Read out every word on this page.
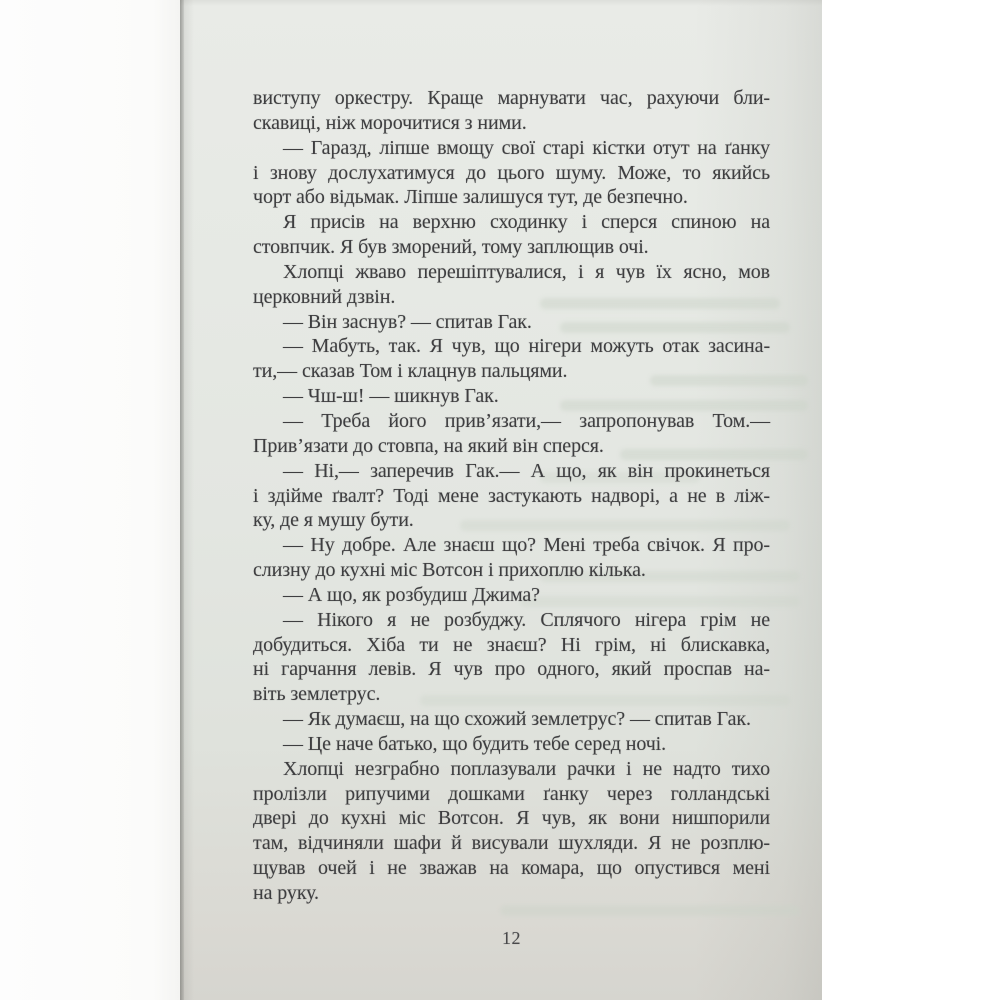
виступу оркестру. Краще марнувати час, рахуючи бли-
скавиці, ніж морочитися з ними.
— Гаразд, ліпше вмощу свої старі кістки отут на ґанку
і знову дослухатимуся до цього шуму. Може, то якийсь
чорт або відьмак. Ліпше залишуся тут, де безпечно.
Я присів на верхню сходинку і сперся спиною на
стовпчик. Я був зморений, тому заплющив очі.
Хлопці жваво перешіптувалися, і я чув їх ясно, мов
церковний дзвін.
— Він заснув? — спитав Гак.
— Мабуть, так. Я чув, що нігери можуть отак засина-
ти,— сказав Том і клацнув пальцями.
— Чш-ш! — шикнув Гак.
— Треба його прив’язати,— запропонував Том.—
Прив’язати до стовпа, на який він сперся.
— Ні,— заперечив Гак.— А що, як він прокинеться
і здійме ґвалт? Тоді мене застукають надворі, а не в ліж-
ку, де я мушу бути.
— Ну добре. Але знаєш що? Мені треба свічок. Я про-
слизну до кухні міс Вотсон і прихоплю кілька.
— А що, як розбудиш Джима?
— Нікого я не розбуджу. Сплячого нігера грім не
добудиться. Хіба ти не знаєш? Ні грім, ні блискавка,
ні гарчання левів. Я чув про одного, який проспав на-
віть землетрус.
— Як думаєш, на що схожий землетрус? — спитав Гак.
— Це наче батько, що будить тебе серед ночі.
Хлопці незграбно поплазували рачки і не надто тихо
пролізли рипучими дошками ґанку через голландські
двері до кухні міс Вотсон. Я чув, як вони нишпорили
там, відчиняли шафи й висували шухляди. Я не розплю-
щував очей і не зважав на комара, що опустився мені
на руку.
12
